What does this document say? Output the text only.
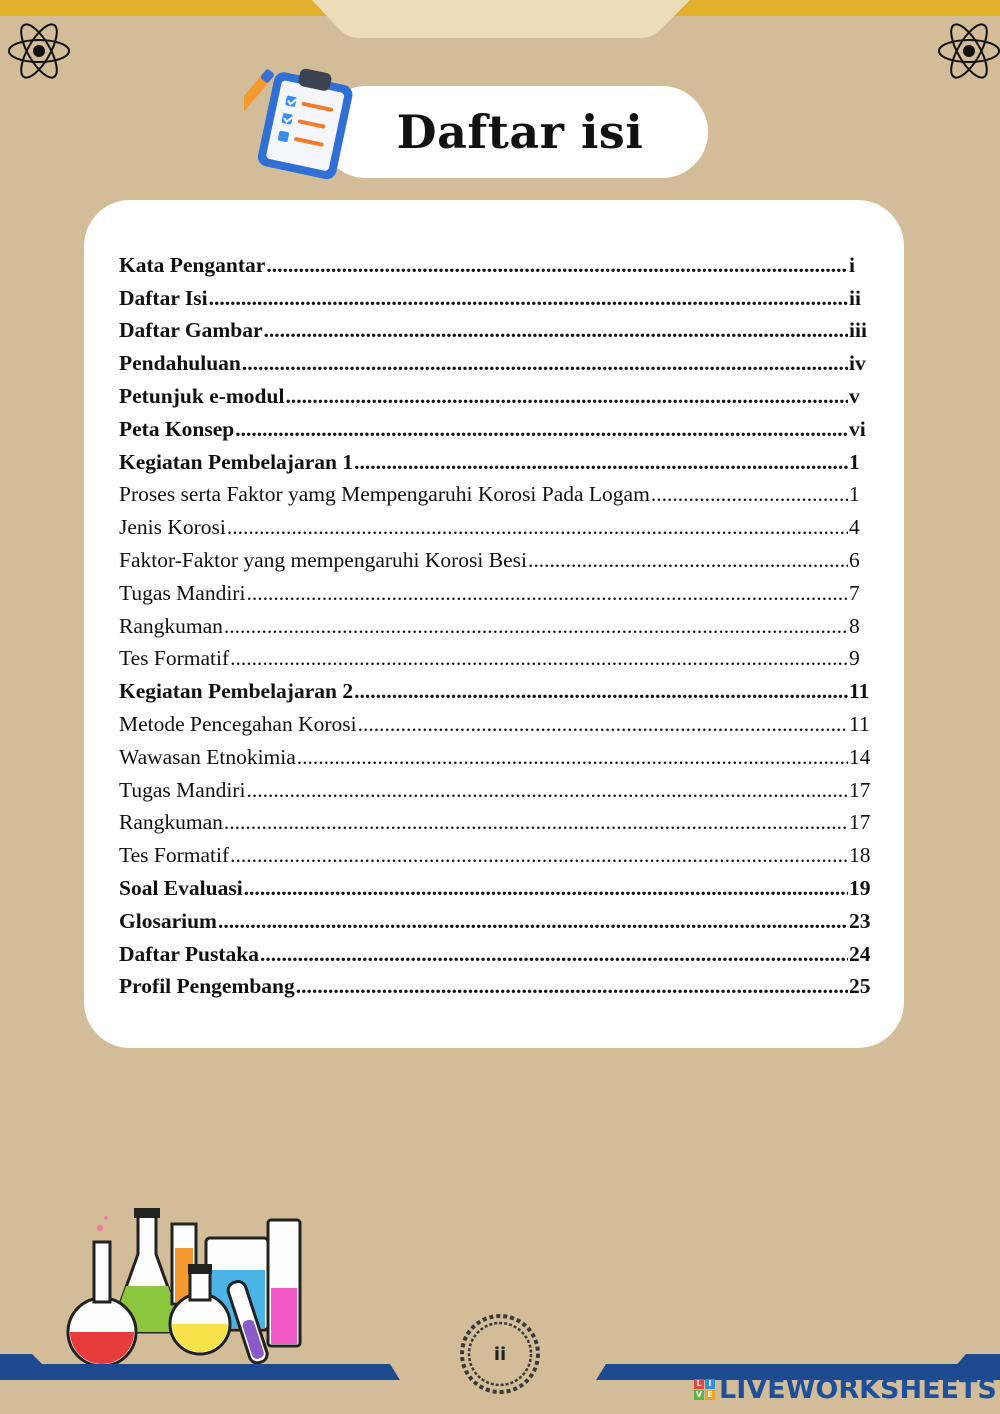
Daftar isi
Kata Pengantar .....	i
Daftar Isi .....	ii
Daftar Gambar .....	iii
Pendahuluan .....	iv
Petunjuk e-modul .....	v
Peta Konsep .....	vi
Kegiatan Pembelajaran 1 .....	1
Proses serta Faktor yamg Mempengaruhi Korosi Pada Logam .....	1
Jenis Korosi .....	4
Faktor-Faktor yang mempengaruhi Korosi Besi .....	6
Tugas Mandiri .....	7
Rangkuman .....	8
Tes Formatif .....	9
Kegiatan Pembelajaran 2 .....	11
Metode Pencegahan Korosi .....	11
Wawasan Etnokimia .....	14
Tugas Mandiri .....	17
Rangkuman .....	17
Tes Formatif .....	18
Soal Evaluasi .....	19
Glosarium .....	23
Daftar Pustaka .....	24
Profil Pengembang .....	25
ii
L I
V E LIVEWORKSHEETS
